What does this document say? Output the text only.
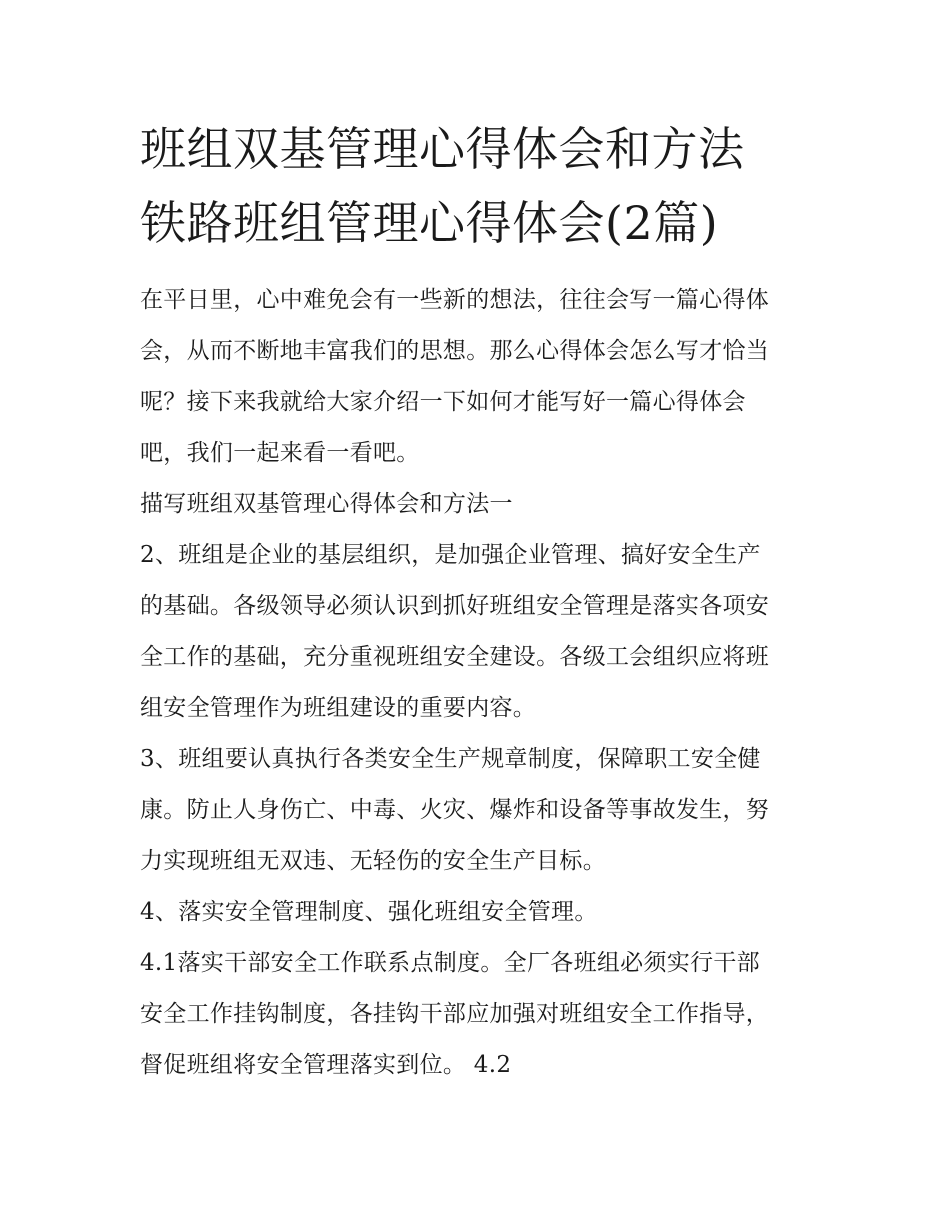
班组双基管理心得体会和方法
铁路班组管理心得体会(2篇)

在平日里，心中难免会有一些新的想法，往往会写一篇心得体
会，从而不断地丰富我们的思想。那么心得体会怎么写才恰当
呢？接下来我就给大家介绍一下如何才能写好一篇心得体会
吧，我们一起来看一看吧。

描写班组双基管理心得体会和方法一

2、班组是企业的基层组织，是加强企业管理、搞好安全生产
的基础。各级领导必须认识到抓好班组安全管理是落实各项安
全工作的基础，充分重视班组安全建设。各级工会组织应将班
组安全管理作为班组建设的重要内容。

3、班组要认真执行各类安全生产规章制度，保障职工安全健
康。防止人身伤亡、中毒、火灾、爆炸和设备等事故发生，努
力实现班组无双违、无轻伤的安全生产目标。

4、落实安全管理制度、强化班组安全管理。

4.1落实干部安全工作联系点制度。全厂各班组必须实行干部
安全工作挂钩制度，各挂钩干部应加强对班组安全工作指导，
督促班组将安全管理落实到位。 4.2
